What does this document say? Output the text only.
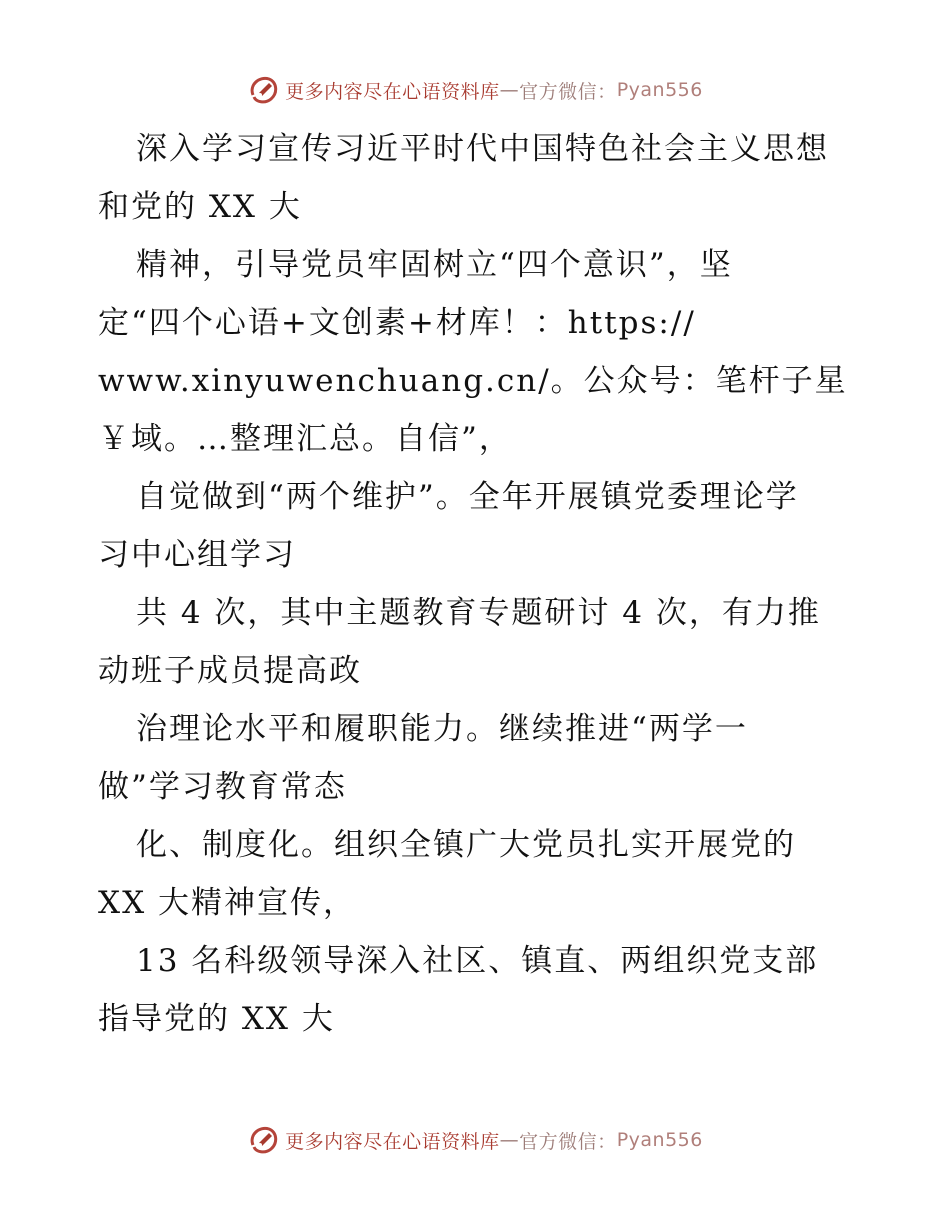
更多内容尽在心语资料库 — 官方微信： Pyan556
深入学习宣传习近平时代中国特色社会主义思想
和党的 XX 大
精神，引导党员牢固树立“四个意识”，坚
定“四个心语+文创素+材库！：https://
www.xinyuwenchuang.cn/。公众号：笔杆子星
￥域。…整理汇总。自信”，
自觉做到“两个维护”。全年开展镇党委理论学
习中心组学习
共 4 次，其中主题教育专题研讨 4 次，有力推
动班子成员提高政
治理论水平和履职能力。继续推进“两学一
做”学习教育常态
化、制度化。组织全镇广大党员扎实开展党的
XX 大精神宣传，
13 名科级领导深入社区、镇直、两组织党支部
指导党的 XX 大
更多内容尽在心语资料库 — 官方微信： Pyan556
